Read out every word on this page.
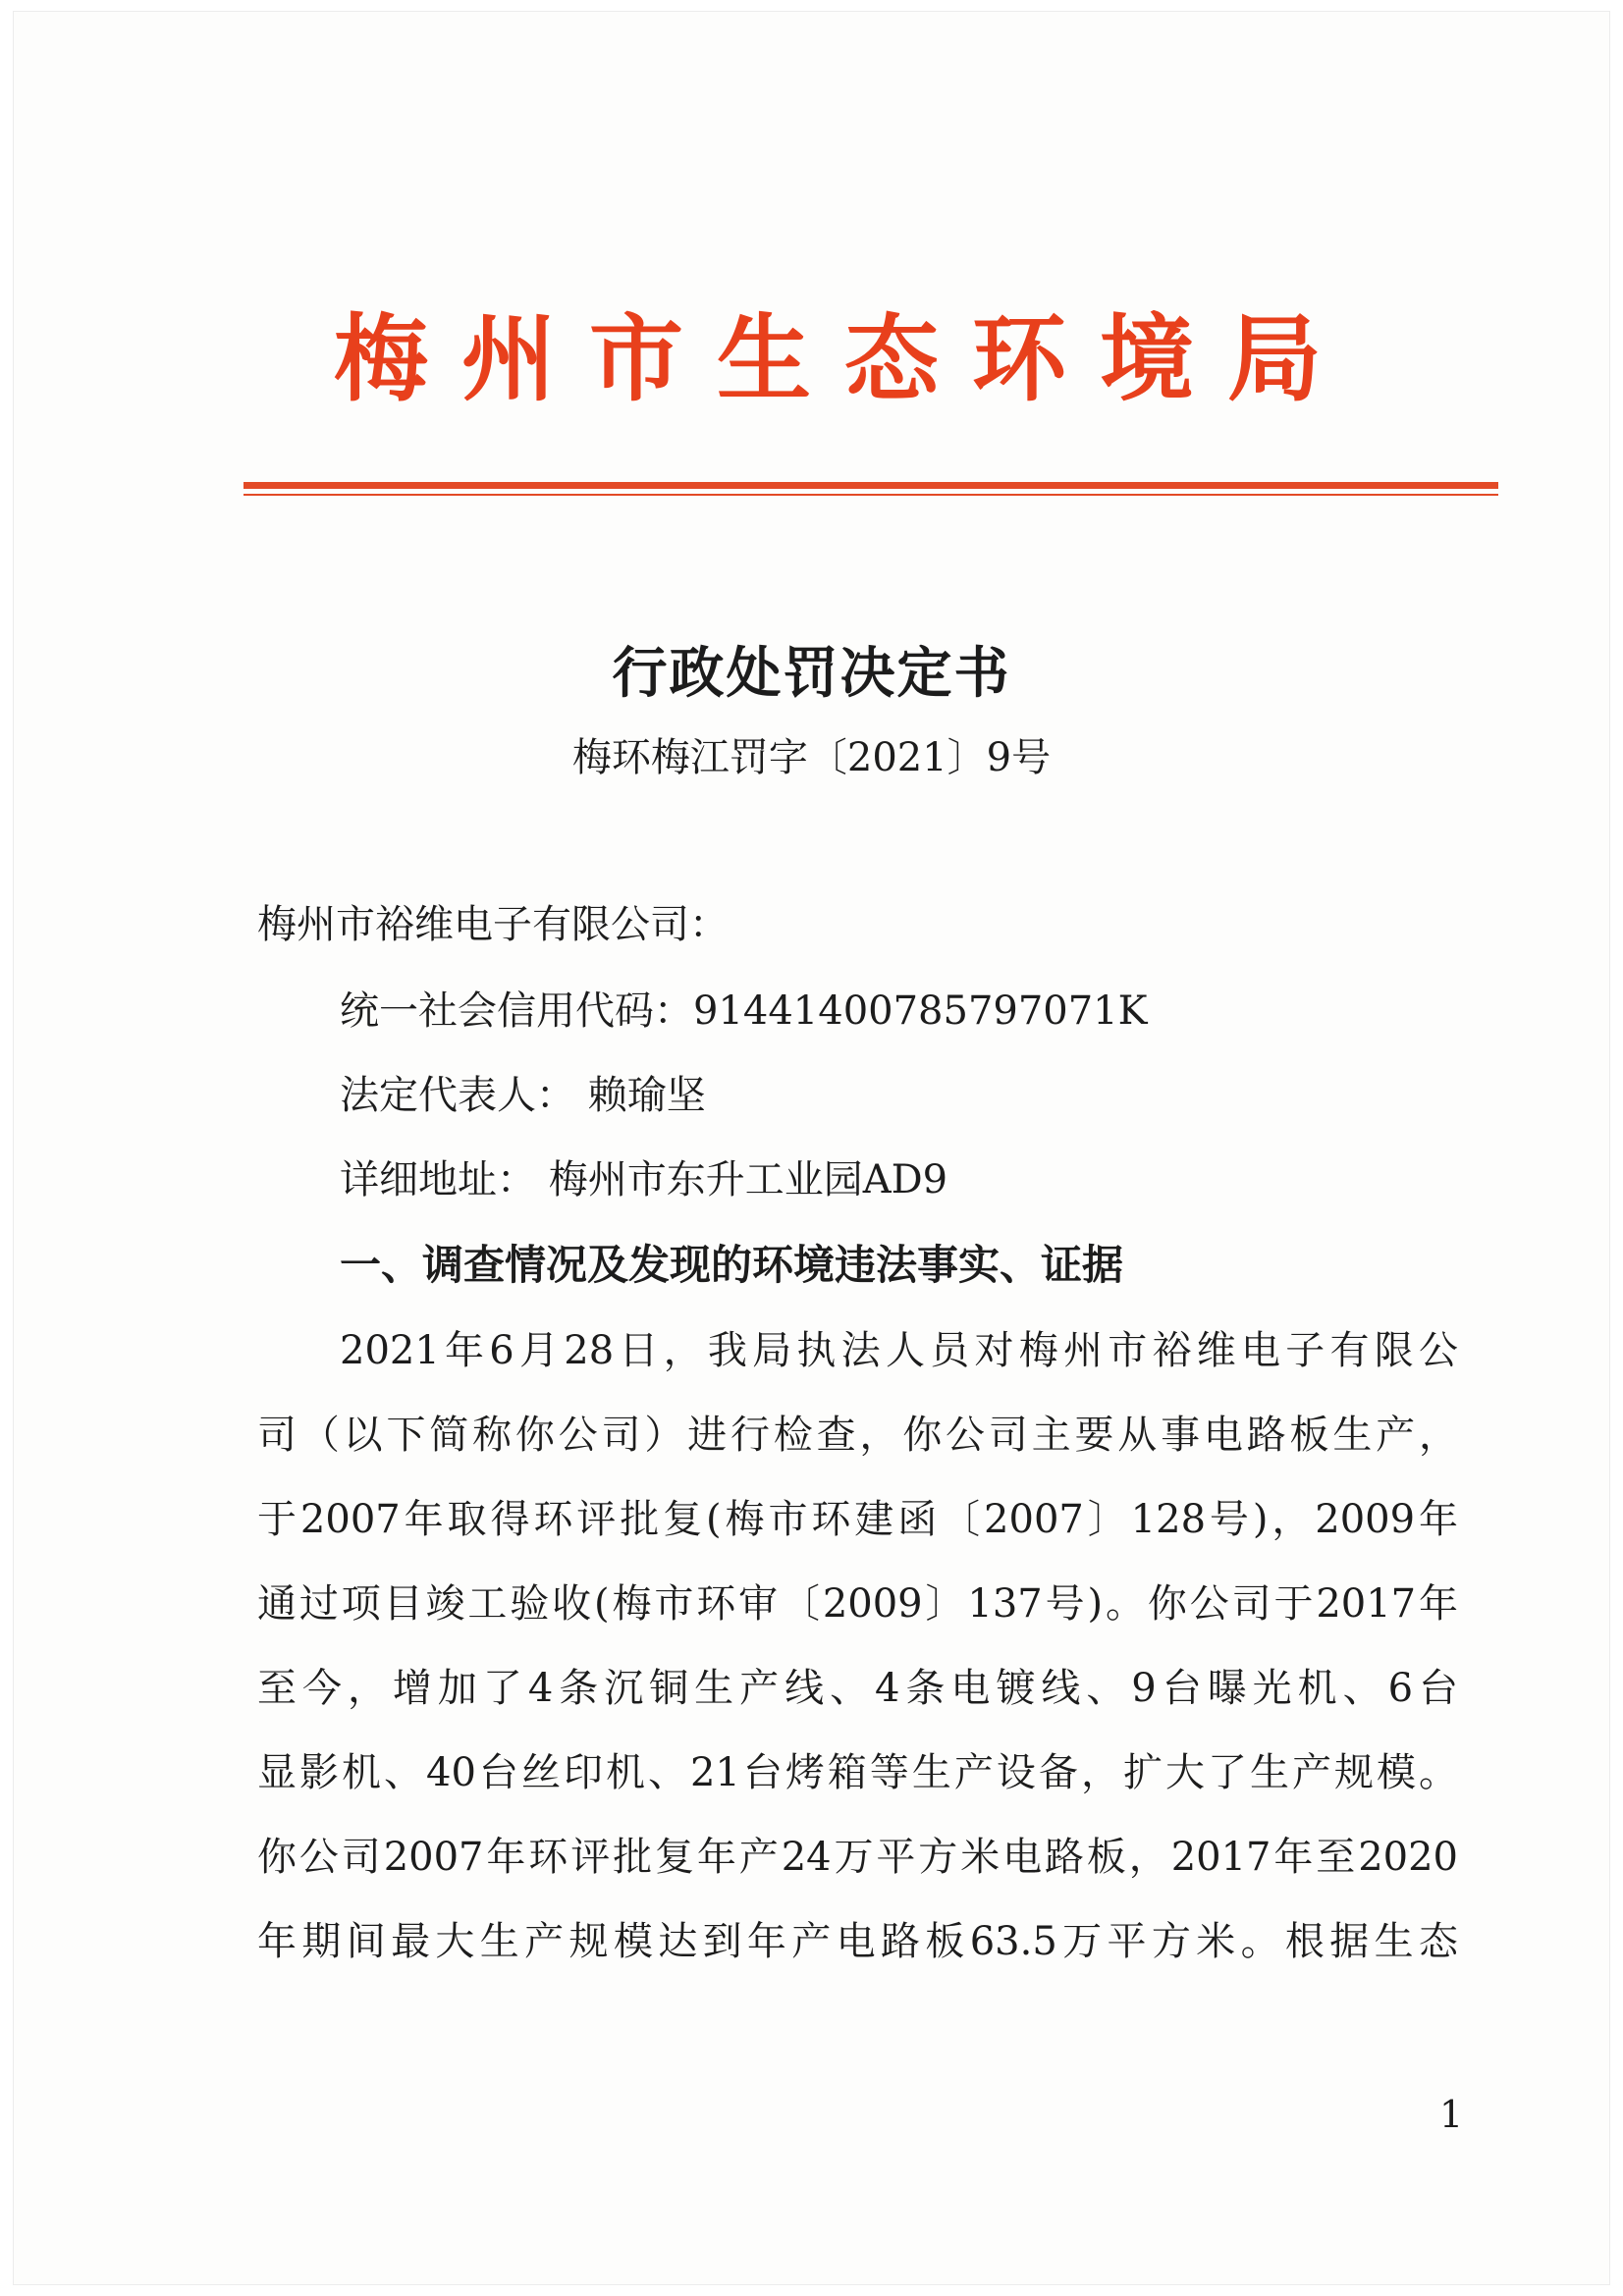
梅州市生态环境局
行政处罚决定书
梅环梅江罚字〔2021〕9号
梅州市裕维电子有限公司：
统一社会信用代码：91441400785797071K
法定代表人： 赖瑜坚
详细地址： 梅州市东升工业园AD9
一、调查情况及发现的环境违法事实、证据
2021年6月28日，我局执法人员对梅州市裕维电子有限公
司（以下简称你公司）进行检查，你公司主要从事电路板生产，
于2007年取得环评批复(梅市环建函〔2007〕128号)，2009年
通过项目竣工验收(梅市环审〔2009〕137号)。你公司于2017年
至今，增加了4条沉铜生产线、4条电镀线、9台曝光机、6台
显影机、40台丝印机、21台烤箱等生产设备，扩大了生产规模。
你公司2007年环评批复年产24万平方米电路板，2017年至2020
年期间最大生产规模达到年产电路板63.5万平方米。根据生态
1
